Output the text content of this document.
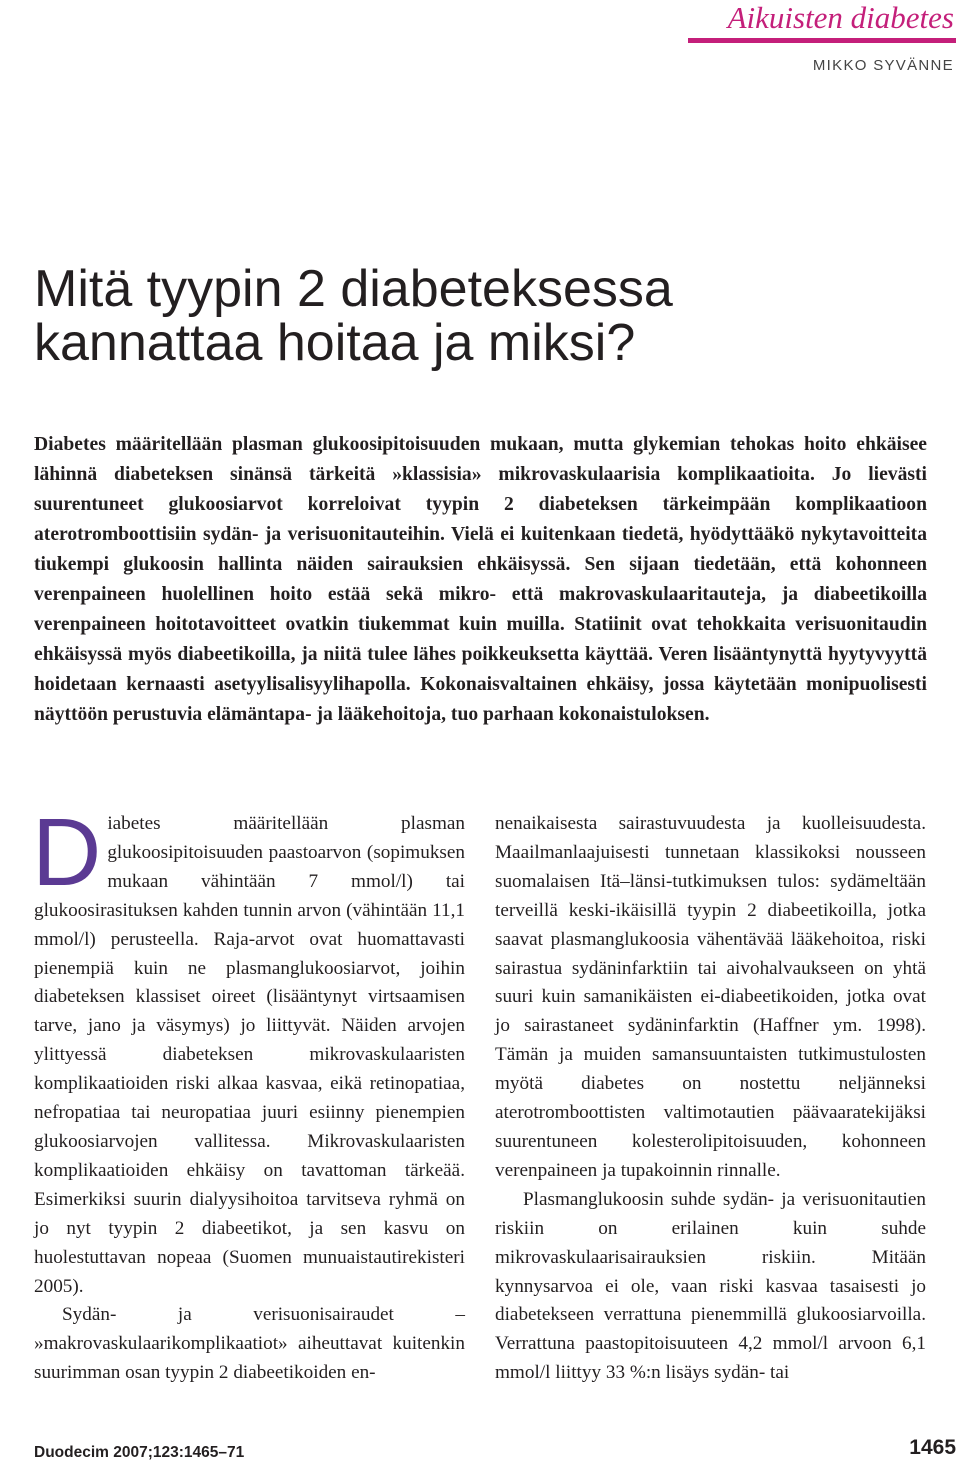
Aikuisten diabetes
MIKKO SYVÄNNE
Mitä tyypin 2 diabeteksessa
kannattaa hoitaa ja miksi?

Diabetes määritellään plasman glukoosipitoisuuden mukaan, mutta glykemian tehokas hoito ehkäisee lähinnä diabeteksen sinänsä tärkeitä »klassisia» mikrovaskulaarisia komplikaatioita. Jo lievästi suurentuneet glukoosiarvot korreloivat tyypin 2 diabeteksen tärkeimpään komplikaatioon aterotromboottisiin sydän- ja verisuonitauteihin. Vielä ei kuitenkaan tiedetä, hyödyttääkö nykytavoitteita tiukempi glukoosin hallinta näiden sairauksien ehkäisyssä. Sen sijaan tiedetään, että kohonneen verenpaineen huolellinen hoito estää sekä mikro- että makrovaskulaaritauteja, ja diabeetikoilla verenpaineen hoitotavoitteet ovatkin tiukemmat kuin muilla. Statiinit ovat tehokkaita verisuonitaudin ehkäisyssä myös diabeetikoilla, ja niitä tulee lähes poikkeuksetta käyttää. Veren lisääntynyttä hyytyvyyttä hoidetaan kernaasti asetyylisalisyylihapolla. Kokonaisvaltainen ehkäisy, jossa käytetään monipuolisesti näyttöön perustuvia elämäntapa- ja lääkehoitoja, tuo parhaan kokonaistuloksen.

Diabetes määritellään plasman glukoosipitoisuuden paastoarvon (sopimuksen mukaan vähintään 7 mmol/l) tai glukoosirasituksen kahden tunnin arvon (vähintään 11,1 mmol/l) perusteella. Raja-arvot ovat huomattavasti pienempiä kuin ne plasmanglukoosiarvot, joihin diabeteksen klassiset oireet (lisääntynyt virtsaamisen tarve, jano ja väsymys) jo liittyvät. Näiden arvojen ylittyessä diabeteksen mikrovaskulaaristen komplikaatioiden riski alkaa kasvaa, eikä retinopatiaa, nefropatiaa tai neuropatiaa juuri esiinny pienempien glukoosiarvojen vallitessa. Mikrovaskulaaristen komplikaatioiden ehkäisy on tavattoman tärkeää. Esimerkiksi suurin dialyysihoitoa tarvitseva ryhmä on jo nyt tyypin 2 diabeetikot, ja sen kasvu on huolestuttavan nopeaa (Suomen munuaistautirekisteri 2005).

Sydän- ja verisuonisairaudet – »makrovaskulaarikomplikaatiot» aiheuttavat kuitenkin suurimman osan tyypin 2 diabeetikoiden en-

nenaikaisesta sairastuvuudesta ja kuolleisuudesta. Maailmanlaajuisesti tunnetaan klassikoksi nousseen suomalaisen Itä–länsi-tutkimuksen tulos: sydämeltään terveillä keski-ikäisillä tyypin 2 diabeetikoilla, jotka saavat plasmanglukoosia vähentävää lääkehoitoa, riski sairastua sydäninfarktiin tai aivohalvaukseen on yhtä suuri kuin samanikäisten ei-diabeetikoiden, jotka ovat jo sairastaneet sydäninfarktin (Haffner ym. 1998). Tämän ja muiden samansuuntaisten tutkimustulosten myötä diabetes on nostettu neljänneksi aterotromboottisten valtimotautien päävaaratekijäksi suurentuneen kolesterolipitoisuuden, kohonneen verenpaineen ja tupakoinnin rinnalle.

Plasmanglukoosin suhde sydän- ja verisuonitautien riskiin on erilainen kuin suhde mikrovaskulaarisairauksien riskiin. Mitään kynnysarvoa ei ole, vaan riski kasvaa tasaisesti jo diabetekseen verrattuna pienemmillä glukoosiarvoilla. Verrattuna paastopitoisuuteen 4,2 mmol/l arvoon 6,1 mmol/l liittyy 33 %:n lisäys sydän- tai

Duodecim 2007;123:1465–71	1465
